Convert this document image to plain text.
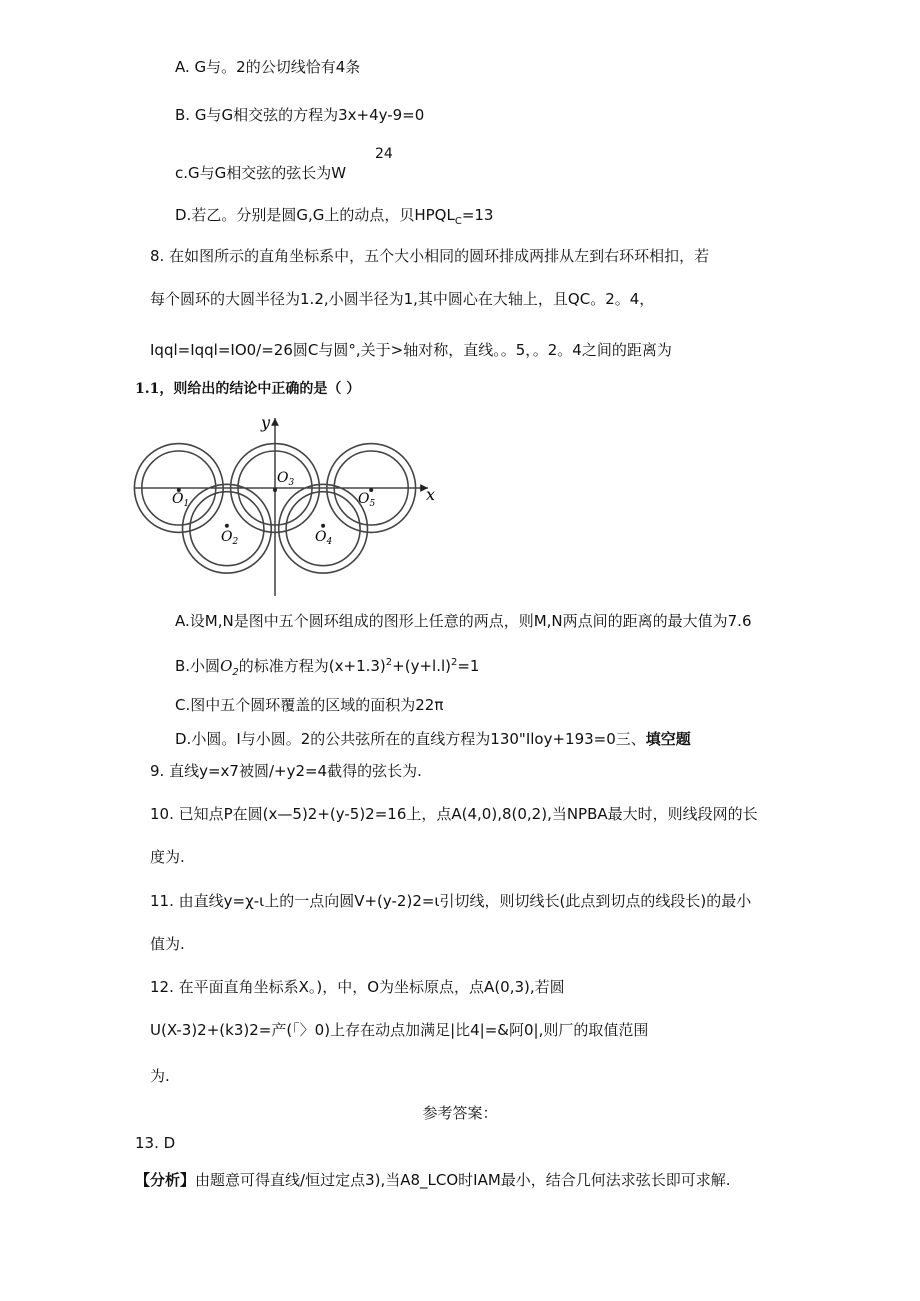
A. G与。2的公切线恰有4条
B. G与G相交弦的方程为3x+4y-9=0
24
c.G与G相交弦的弦长为W
D.若乙。分别是圆G,G上的动点，贝$HPQL_C=13$
8. 在如图所示的直角坐标系中，五个大小相同的圆环排成两排从左到右环环相扣，若
每个圆环的大圆半径为1.2,小圆半径为1,其中圆心在大轴上，且QC。2。4，
Iqql=Iqql=IO0/=26圆C与圆°,关于>轴对称，直线。。5，。2。4之间的距离为
1.1，则给出的结论中正确的是（ ）
y
x
$O_1$
$O_2$
$O_3$
$O_4$
$O_5$
A.设M,N是图中五个圆环组成的图形上任意的两点，则M,N两点间的距离的最大值为7.6
B.小圆$O_2$的标准方程为$(x+1.3)^2+(y+l.l)^2=1$
C.图中五个圆环覆盖的区域的面积为22π
D.小圆。I与小圆。2的公共弦所在的直线方程为130"Iloy+193=0三、填空题
9. 直线y=x7被圆/+y2=4截得的弦长为.
10. 已知点P在圆(x—5)2+(y-5)2=16上，点A(4,0),8(0,2),当NPBA最大时，则线段网的长
度为.
11. 由直线y=χ-ι上的一点向圆V+(y-2)2=ι引切线，则切线长(此点到切点的线段长)的最小
值为.
12. 在平面直角坐标系X。)，中，O为坐标原点，点A(0,3),若圆
U(X-3)2+(k3)2=产(「〉0)上存在动点加满足|比4|=&阿0|,则厂的取值范围
为.
参考答案：
13. D
【分析】由题意可得直线/恒过定点3),当A8_LCO时IAM最小，结合几何法求弦长即可求解.
